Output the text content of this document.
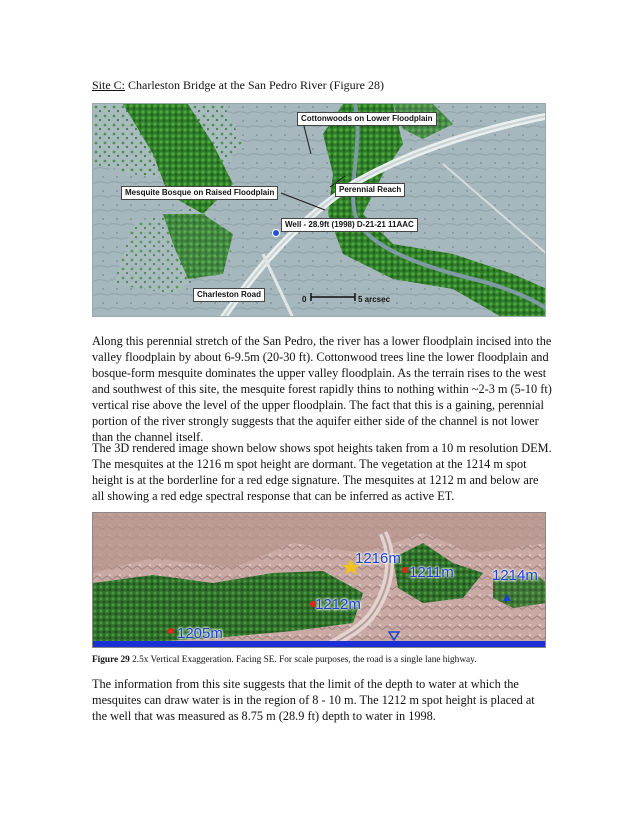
Site C: Charleston Bridge at the San Pedro River (Figure 28)
Cottonwoods on Lower Floodplain
Mesquite Bosque on Raised Floodplain	Perennial Reach
Well - 28.9ft (1998) D-21-21 11AAC
Charleston Road
0	5 arcsec

Along this perennial stretch of the San Pedro, the river has a lower floodplain incised into the valley floodplain by about 6-9.5m (20-30 ft). Cottonwood trees line the lower floodplain and bosque-form mesquite dominates the upper valley floodplain. As the terrain rises to the west and southwest of this site, the mesquite forest rapidly thins to nothing within ~2-3 m (5-10 ft) vertical rise above the level of the upper floodplain. The fact that this is a gaining, perennial portion of the river strongly suggests that the aquifer either side of the channel is not lower than the channel itself.

The 3D rendered image shown below shows spot heights taken from a 10 m resolution DEM. The mesquites at the 1216 m spot height are dormant. The vegetation at the 1214 m spot height is at the borderline for a red edge signature. The mesquites at 1212 m and below are all showing a red edge spectral response that can be inferred as active ET.

1216m
1211m	1214m
1212m
1205m
Figure 29 2.5x Vertical Exaggeration. Facing SE. For scale purposes, the road is a single lane highway.

The information from this site suggests that the limit of the depth to water at which the mesquites can draw water is in the region of 8 - 10 m. The 1212 m spot height is placed at the well that was measured as 8.75 m (28.9 ft) depth to water in 1998.
